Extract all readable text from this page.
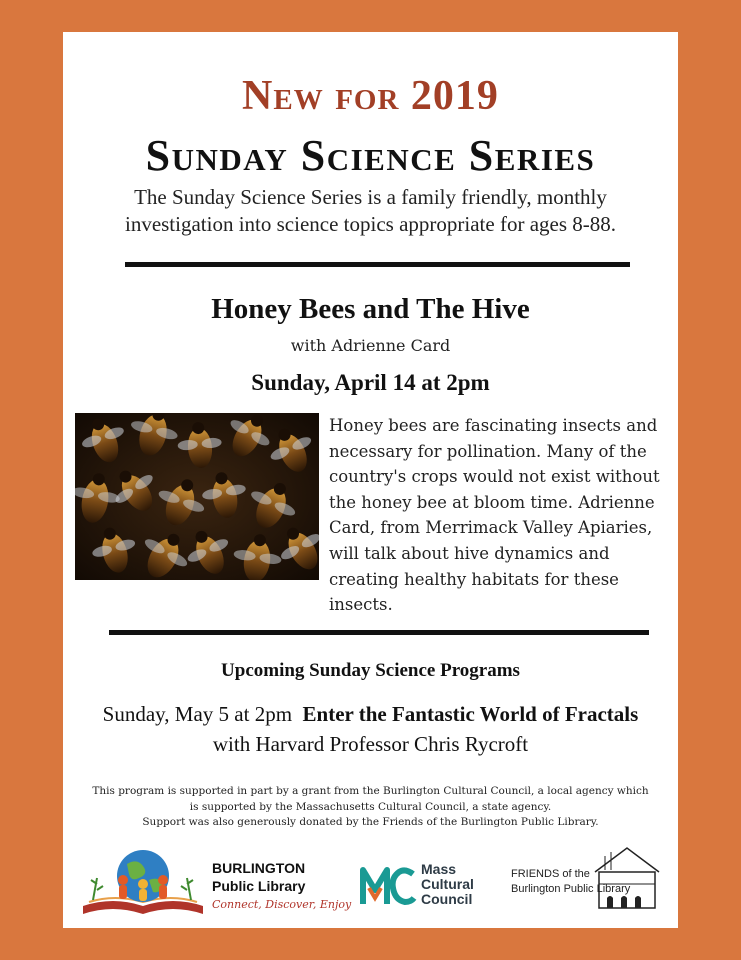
New for 2019
Sunday Science Series
The Sunday Science Series is a family friendly, monthly
investigation into science topics appropriate for ages 8-88.
Honey Bees and The Hive
with Adrienne Card
Sunday, April 14 at 2pm
Honey bees are fascinating insects and
necessary for pollination. Many of the
country's crops would not exist without
the honey bee at bloom time. Adrienne
Card, from Merrimack Valley Apiaries,
will talk about hive dynamics and
creating healthy habitats for these
insects.
Upcoming Sunday Science Programs
Sunday, May 5 at 2pm Enter the Fantastic World of Fractals
with Harvard Professor Chris Rycroft
This program is supported in part by a grant from the Burlington Cultural Council, a local agency which
is supported by the Massachusetts Cultural Council, a state agency.
Support was also generously donated by the Friends of the Burlington Public Library.
BURLINGTON
Public Library
Connect, Discover, Enjoy
Mass
Cultural
Council
FRIENDS of the
Burlington Public Library
